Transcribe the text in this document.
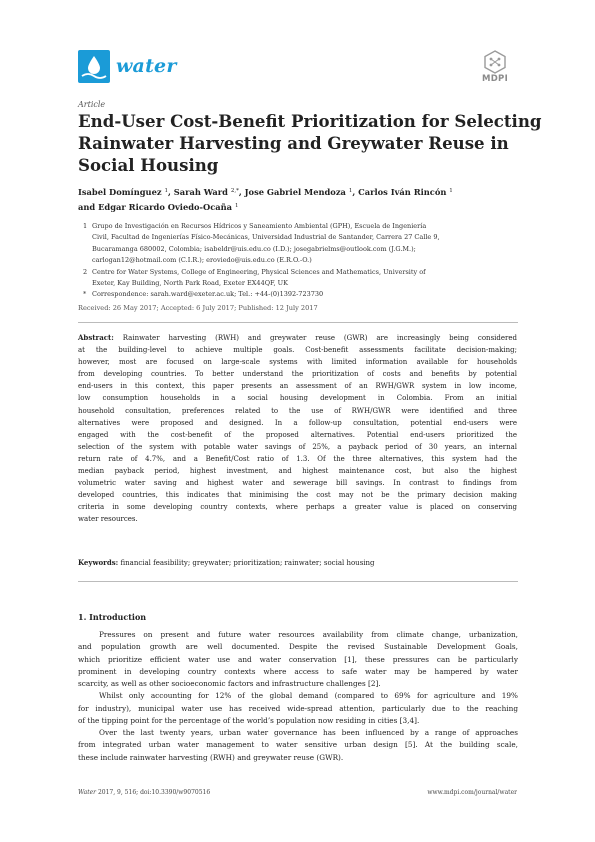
water
MDPI
Article
End-User Cost-Benefit Prioritization for Selecting
Rainwater Harvesting and Greywater Reuse in
Social Housing
Isabel Domínguez $^1$, Sarah Ward $^{2,*}$, Jose Gabriel Mendoza $^1$, Carlos Iván Rincón $^1$
and Edgar Ricardo Oviedo-Ocaña $^1$
1 Grupo de Investigación en Recursos Hídricos y Saneamiento Ambiental (GPH), Escuela de Ingeniería
Civil, Facultad de Ingenierías Físico-Mecánicas, Universidad Industrial de Santander, Carrera 27 Calle 9,
Bucaramanga 680002, Colombia; isabeldr@uis.edu.co (I.D.); josegabrielms@outlook.com (J.G.M.);
carlogan12@hotmail.com (C.I.R.); eroviedo@uis.edu.co (E.R.O.-O.)
2 Centre for Water Systems, College of Engineering, Physical Sciences and Mathematics, University of
Exeter, Kay Building, North Park Road, Exeter EX44QF, UK
* Correspondence: sarah.ward@exeter.ac.uk; Tel.: +44-(0)1392-723730
Received: 26 May 2017; Accepted: 6 July 2017; Published: 12 July 2017
Abstract: Rainwater harvesting (RWH) and greywater reuse (GWR) are increasingly being considered
at the building-level to achieve multiple goals. Cost-benefit assessments facilitate decision-making;
however, most are focused on large-scale systems with limited information available for households
from developing countries. To better understand the prioritization of costs and benefits by potential
end-users in this context, this paper presents an assessment of an RWH/GWR system in low income,
low consumption households in a social housing development in Colombia. From an initial
household consultation, preferences related to the use of RWH/GWR were identified and three
alternatives were proposed and designed. In a follow-up consultation, potential end-users were
engaged with the cost-benefit of the proposed alternatives. Potential end-users prioritized the
selection of the system with potable water savings of 25%, a payback period of 30 years, an internal
return rate of 4.7%, and a Benefit/Cost ratio of 1.3. Of the three alternatives, this system had the
median payback period, highest investment, and highest maintenance cost, but also the highest
volumetric water saving and highest water and sewerage bill savings. In contrast to findings from
developed countries, this indicates that minimising the cost may not be the primary decision making
criteria in some developing country contexts, where perhaps a greater value is placed on conserving
water resources.
Keywords: financial feasibility; greywater; prioritization; rainwater; social housing
1. Introduction
Pressures on present and future water resources availability from climate change, urbanization,
and population growth are well documented. Despite the revised Sustainable Development Goals,
which prioritize efficient water use and water conservation [1], these pressures can be particularly
prominent in developing country contexts where access to safe water may be hampered by water
scarcity, as well as other socioeconomic factors and infrastructure challenges [2].
Whilst only accounting for 12% of the global demand (compared to 69% for agriculture and 19%
for industry), municipal water use has received wide-spread attention, particularly due to the reaching
of the tipping point for the percentage of the world’s population now residing in cities [3,4].
Over the last twenty years, urban water governance has been influenced by a range of approaches
from integrated urban water management to water sensitive urban design [5]. At the building scale,
these include rainwater harvesting (RWH) and greywater reuse (GWR).
Water 2017, 9, 516; doi:10.3390/w9070516	www.mdpi.com/journal/water
